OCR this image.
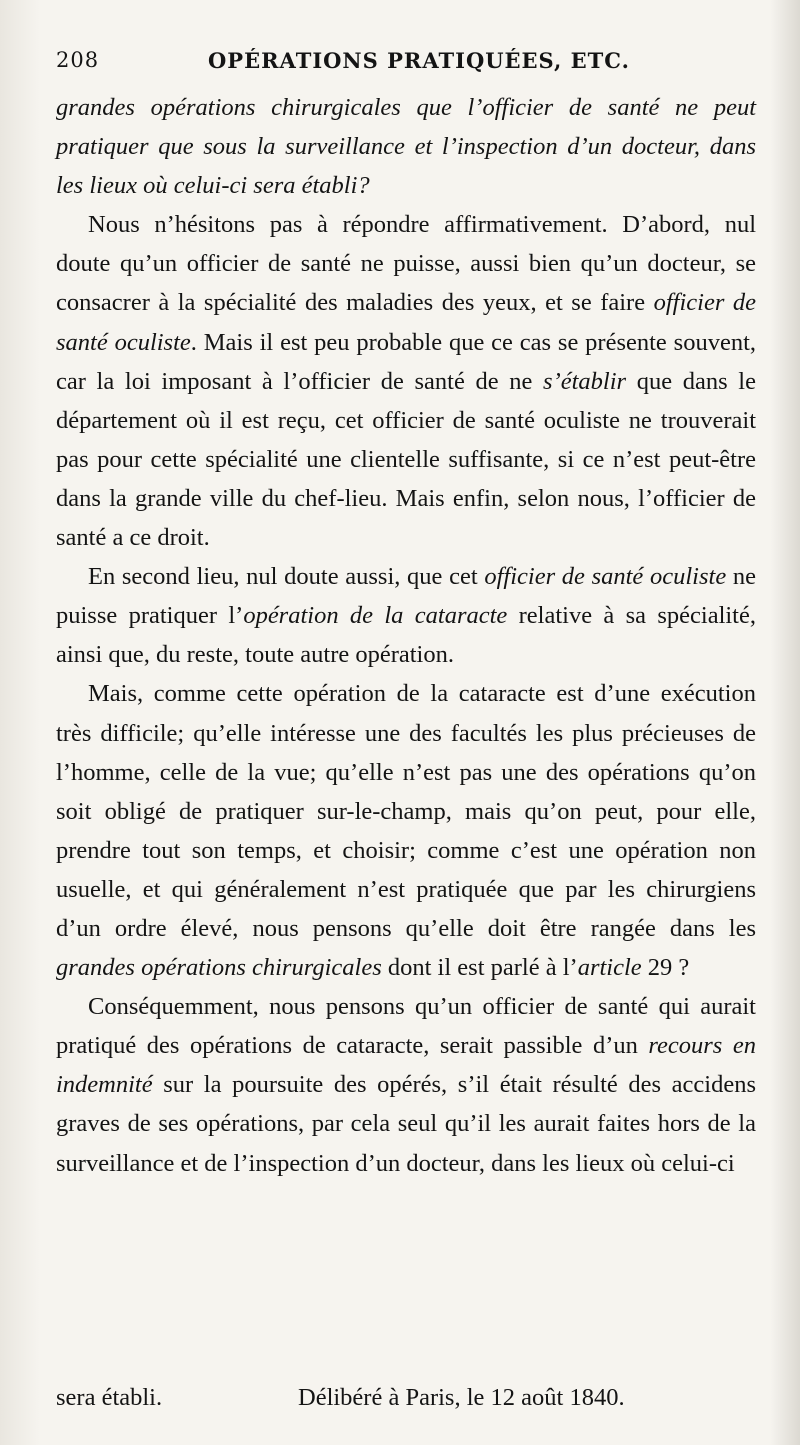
208	OPÉRATIONS PRATIQUÉES, ETC.

grandes opérations chirurgicales que l’officier de santé ne peut pratiquer que sous la surveillance et l’inspection d’un docteur, dans les lieux où celui-ci sera établi?

Nous n’hésitons pas à répondre affirmativement. D’abord, nul doute qu’un officier de santé ne puisse, aussi bien qu’un docteur, se consacrer à la spécialité des maladies des yeux, et se faire officier de santé oculiste. Mais il est peu probable que ce cas se présente souvent, car la loi imposant à l’officier de santé de ne s’établir que dans le département où il est reçu, cet officier de santé oculiste ne trouverait pas pour cette spécialité une clientelle suffisante, si ce n’est peut-être dans la grande ville du chef-lieu. Mais enfin, selon nous, l’officier de santé a ce droit.

En second lieu, nul doute aussi, que cet officier de santé oculiste ne puisse pratiquer l’opération de la cataracte relative à sa spécialité, ainsi que, du reste, toute autre opération.

Mais, comme cette opération de la cataracte est d’une exécution très difficile; qu’elle intéresse une des facultés les plus précieuses de l’homme, celle de la vue; qu’elle n’est pas une des opérations qu’on soit obligé de pratiquer sur-le-champ, mais qu’on peut, pour elle, prendre tout son temps, et choisir; comme c’est une opération non usuelle, et qui généralement n’est pratiquée que par les chirurgiens d’un ordre élevé, nous pensons qu’elle doit être rangée dans les grandes opérations chirurgicales dont il est parlé à l’article 29 ?

Conséquemment, nous pensons qu’un officier de santé qui aurait pratiqué des opérations de cataracte, serait passible d’un recours en indemnité sur la poursuite des opérés, s’il était résulté des accidens graves de ses opérations, par cela seul qu’il les aurait faites hors de la surveillance et de l’inspection d’un docteur, dans les lieux où celui-ci

sera établi.	Délibéré à Paris, le 12 août 1840.
